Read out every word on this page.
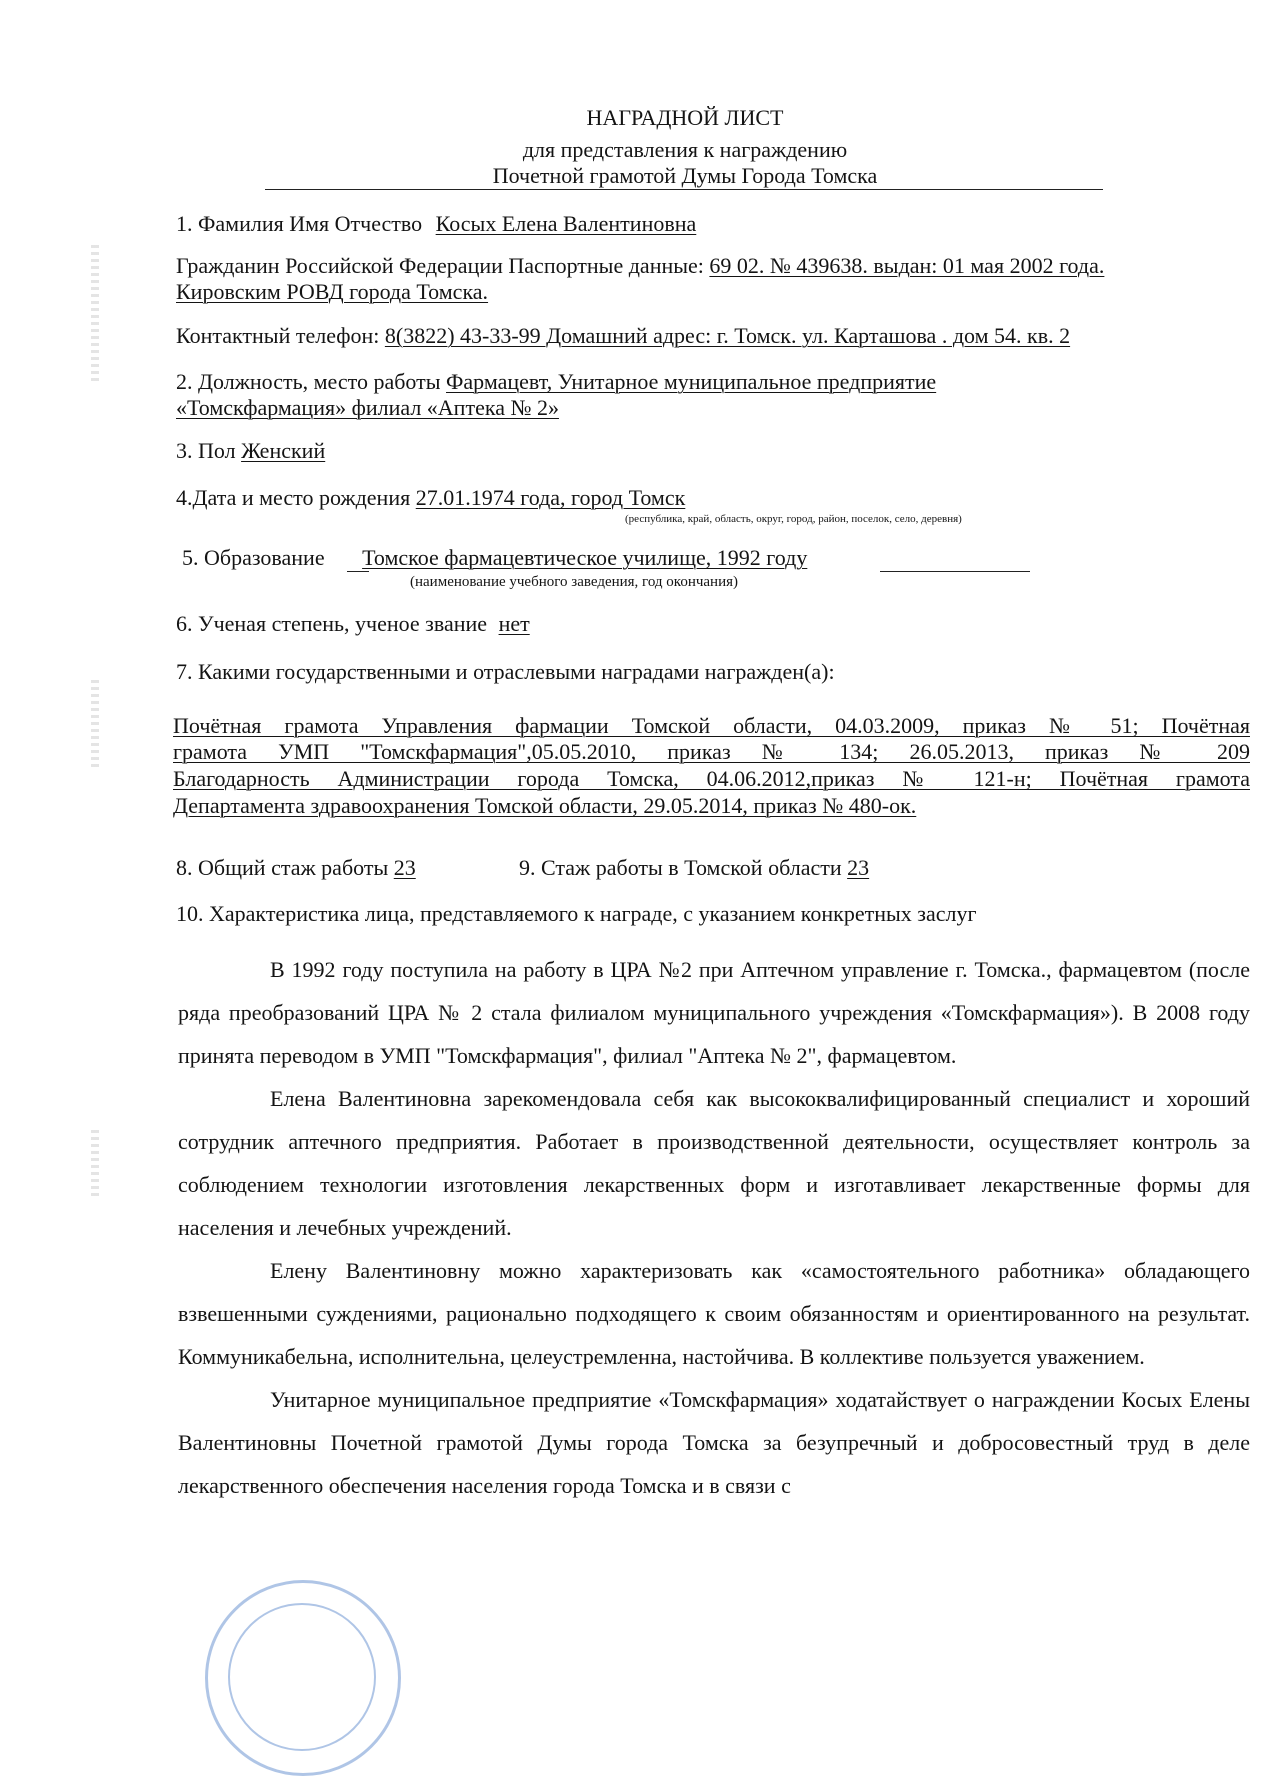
НАГРАДНОЙ ЛИСТ
для представления к награждению
Почетной грамотой Думы Города Томска
1. Фамилия Имя Отчество Косых Елена Валентиновна
Гражданин Российской Федерации Паспортные данные: 69 02. № 439638. выдан: 01 мая 2002 года.
Кировским РОВД города Томска.
Контактный телефон: 8(3822) 43-33-99 Домашний адрес: г. Томск. ул. Карташова . дом 54. кв. 2
2. Должность, место работы Фармацевт, Унитарное муниципальное предприятие
«Томскфармация» филиал «Аптека № 2»
3. Пол Женский
4.Дата и место рождения 27.01.1974 года, город Томск
(республика, край, область, округ, город, район, поселок, село, деревня)
5. Образование Томское фармацевтическое училище, 1992 году
(наименование учебного заведения, год окончания)
6. Ученая степень, ученое звание нет
7. Какими государственными и отраслевыми наградами награжден(а):
Почётная грамота Управления фармации Томской области, 04.03.2009, приказ № 51; Почётная
грамота УМП "Томскфармация",05.05.2010, приказ № 134; 26.05.2013, приказ № 209
Благодарность Администрации города Томска, 04.06.2012,приказ № 121-н; Почётная грамота
Департамента здравоохранения Томской области, 29.05.2014, приказ № 480-ок.
8. Общий стаж работы 23	9. Стаж работы в Томской области 23
10. Характеристика лица, представляемого к награде, с указанием конкретных заслуг

В 1992 году поступила на работу в ЦРА №2 при Аптечном управление г. Томска., фармацевтом (после ряда преобразований ЦРА № 2 стала филиалом муниципального учреждения «Томскфармация»). В 2008 году принята переводом в УМП "Томскфармация", филиал "Аптека № 2", фармацевтом.

Елена Валентиновна зарекомендовала себя как высококвалифицированный специалист и хороший сотрудник аптечного предприятия. Работает в производственной деятельности, осуществляет контроль за соблюдением технологии изготовления лекарственных форм и изготавливает лекарственные формы для населения и лечебных учреждений.

Елену Валентиновну можно характеризовать как «самостоятельного работника» обладающего взвешенными суждениями, рационально подходящего к своим обязанностям и ориентированного на результат. Коммуникабельна, исполнительна, целеустремленна, настойчива. В коллективе пользуется уважением.

Унитарное муниципальное предприятие «Томскфармация» ходатайствует о награждении Косых Елены Валентиновны Почетной грамотой Думы города Томска за безупречный и добросовестный труд в деле лекарственного обеспечения населения города Томска и в связи с
